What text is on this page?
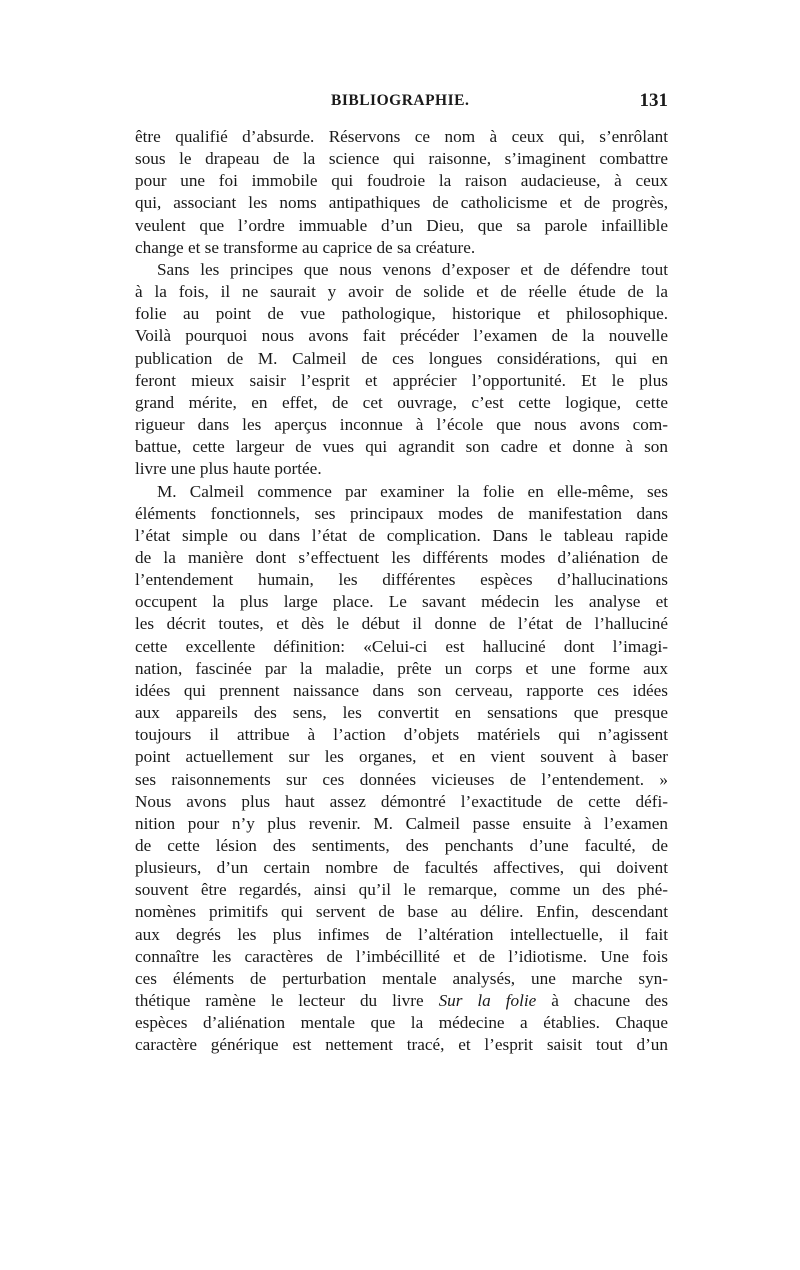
BIBLIOGRAPHIE.	131

être qualifié d’absurde. Réservons ce nom à ceux qui, s’enrôlant
sous le drapeau de la science qui raisonne, s’imaginent combattre
pour une foi immobile qui foudroie la raison audacieuse, à ceux
qui, associant les noms antipathiques de catholicisme et de progrès,
veulent que l’ordre immuable d’un Dieu, que sa parole infaillible
change et se transforme au caprice de sa créature.

Sans les principes que nous venons d’exposer et de défendre tout
à la fois, il ne saurait y avoir de solide et de réelle étude de la
folie au point de vue pathologique, historique et philosophique.
Voilà pourquoi nous avons fait précéder l’examen de la nouvelle
publication de M. Calmeil de ces longues considérations, qui en
feront mieux saisir l’esprit et apprécier l’opportunité. Et le plus
grand mérite, en effet, de cet ouvrage, c’est cette logique, cette
rigueur dans les aperçus inconnue à l’école que nous avons com-
battue, cette largeur de vues qui agrandit son cadre et donne à son
livre une plus haute portée.

M. Calmeil commence par examiner la folie en elle-même, ses
éléments fonctionnels, ses principaux modes de manifestation dans
l’état simple ou dans l’état de complication. Dans le tableau rapide
de la manière dont s’effectuent les différents modes d’aliénation de
l’entendement humain, les différentes espèces d’hallucinations
occupent la plus large place. Le savant médecin les analyse et
les décrit toutes, et dès le début il donne de l’état de l’halluciné
cette excellente définition: «Celui-ci est halluciné dont l’imagi-
nation, fascinée par la maladie, prête un corps et une forme aux
idées qui prennent naissance dans son cerveau, rapporte ces idées
aux appareils des sens, les convertit en sensations que presque
toujours il attribue à l’action d’objets matériels qui n’agissent
point actuellement sur les organes, et en vient souvent à baser
ses raisonnements sur ces données vicieuses de l’entendement. »
Nous avons plus haut assez démontré l’exactitude de cette défi-
nition pour n’y plus revenir. M. Calmeil passe ensuite à l’examen
de cette lésion des sentiments, des penchants d’une faculté, de
plusieurs, d’un certain nombre de facultés affectives, qui doivent
souvent être regardés, ainsi qu’il le remarque, comme un des phé-
nomènes primitifs qui servent de base au délire. Enfin, descendant
aux degrés les plus infimes de l’altération intellectuelle, il fait
connaître les caractères de l’imbécillité et de l’idiotisme. Une fois
ces éléments de perturbation mentale analysés, une marche syn-
thétique ramène le lecteur du livre Sur la folie à chacune des
espèces d’aliénation mentale que la médecine a établies. Chaque
caractère générique est nettement tracé, et l’esprit saisit tout d’un
